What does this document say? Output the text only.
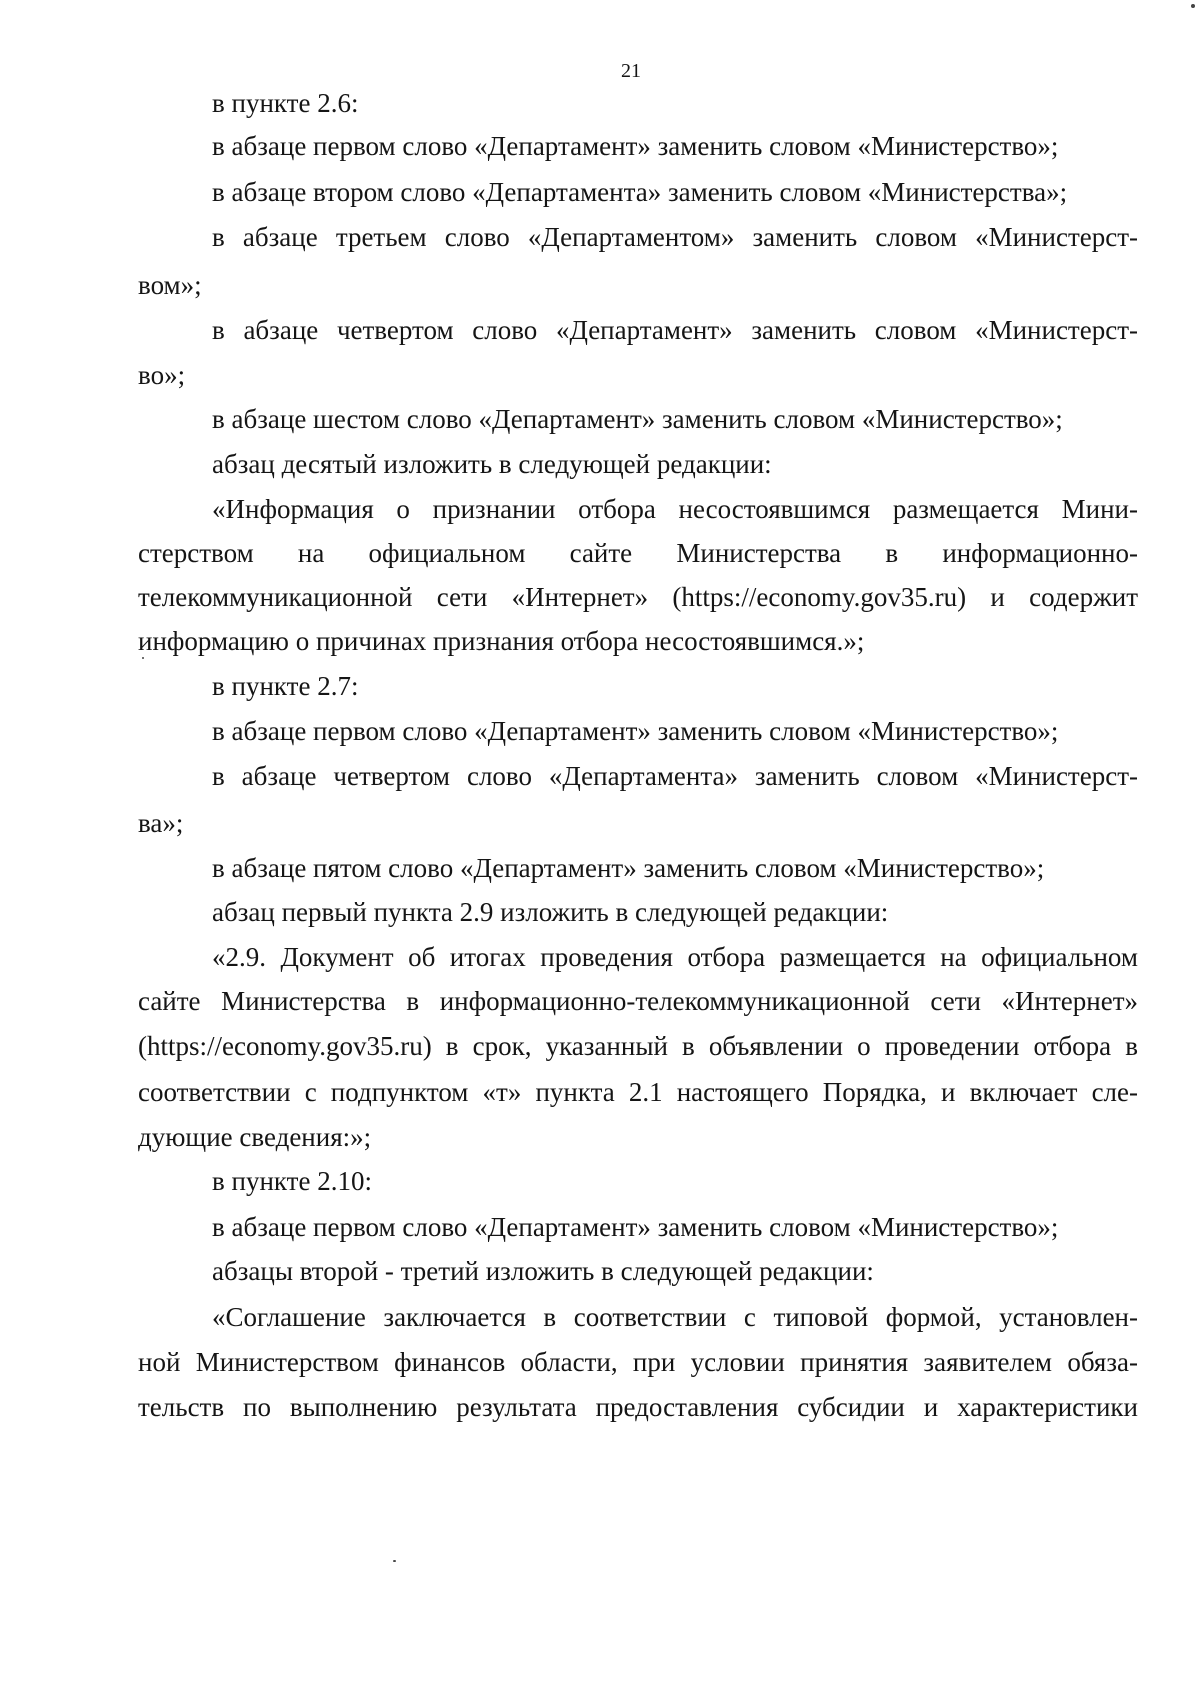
21
в пункте 2.6:
в абзаце первом слово «Департамент» заменить словом «Министерство»;
в абзаце втором слово «Департамента» заменить словом «Министерства»;
в абзаце третьем слово «Департаментом» заменить словом «Министерст-
вом»;
в абзаце четвертом слово «Департамент» заменить словом «Министерст-
во»;
в абзаце шестом слово «Департамент» заменить словом «Министерство»;
абзац десятый изложить в следующей редакции:
«Информация о признании отбора несостоявшимся размещается Мини-
стерством на официальном сайте Министерства в информационно-
телекоммуникационной сети «Интернет» (https://economy.gov35.ru) и содержит
информацию о причинах признания отбора несостоявшимся.»;
в пункте 2.7:
в абзаце первом слово «Департамент» заменить словом «Министерство»;
в абзаце четвертом слово «Департамента» заменить словом «Министерст-
ва»;
в абзаце пятом слово «Департамент» заменить словом «Министерство»;
абзац первый пункта 2.9 изложить в следующей редакции:
«2.9. Документ об итогах проведения отбора размещается на официальном
сайте Министерства в информационно-телекоммуникационной сети «Интернет»
(https://economy.gov35.ru) в срок, указанный в объявлении о проведении отбора в
соответствии с подпунктом «т» пункта 2.1 настоящего Порядка, и включает сле-
дующие сведения:»;
в пункте 2.10:
в абзаце первом слово «Департамент» заменить словом «Министерство»;
абзацы второй - третий изложить в следующей редакции:
«Соглашение заключается в соответствии с типовой формой, установлен-
ной Министерством финансов области, при условии принятия заявителем обяза-
тельств по выполнению результата предоставления субсидии и характеристики
